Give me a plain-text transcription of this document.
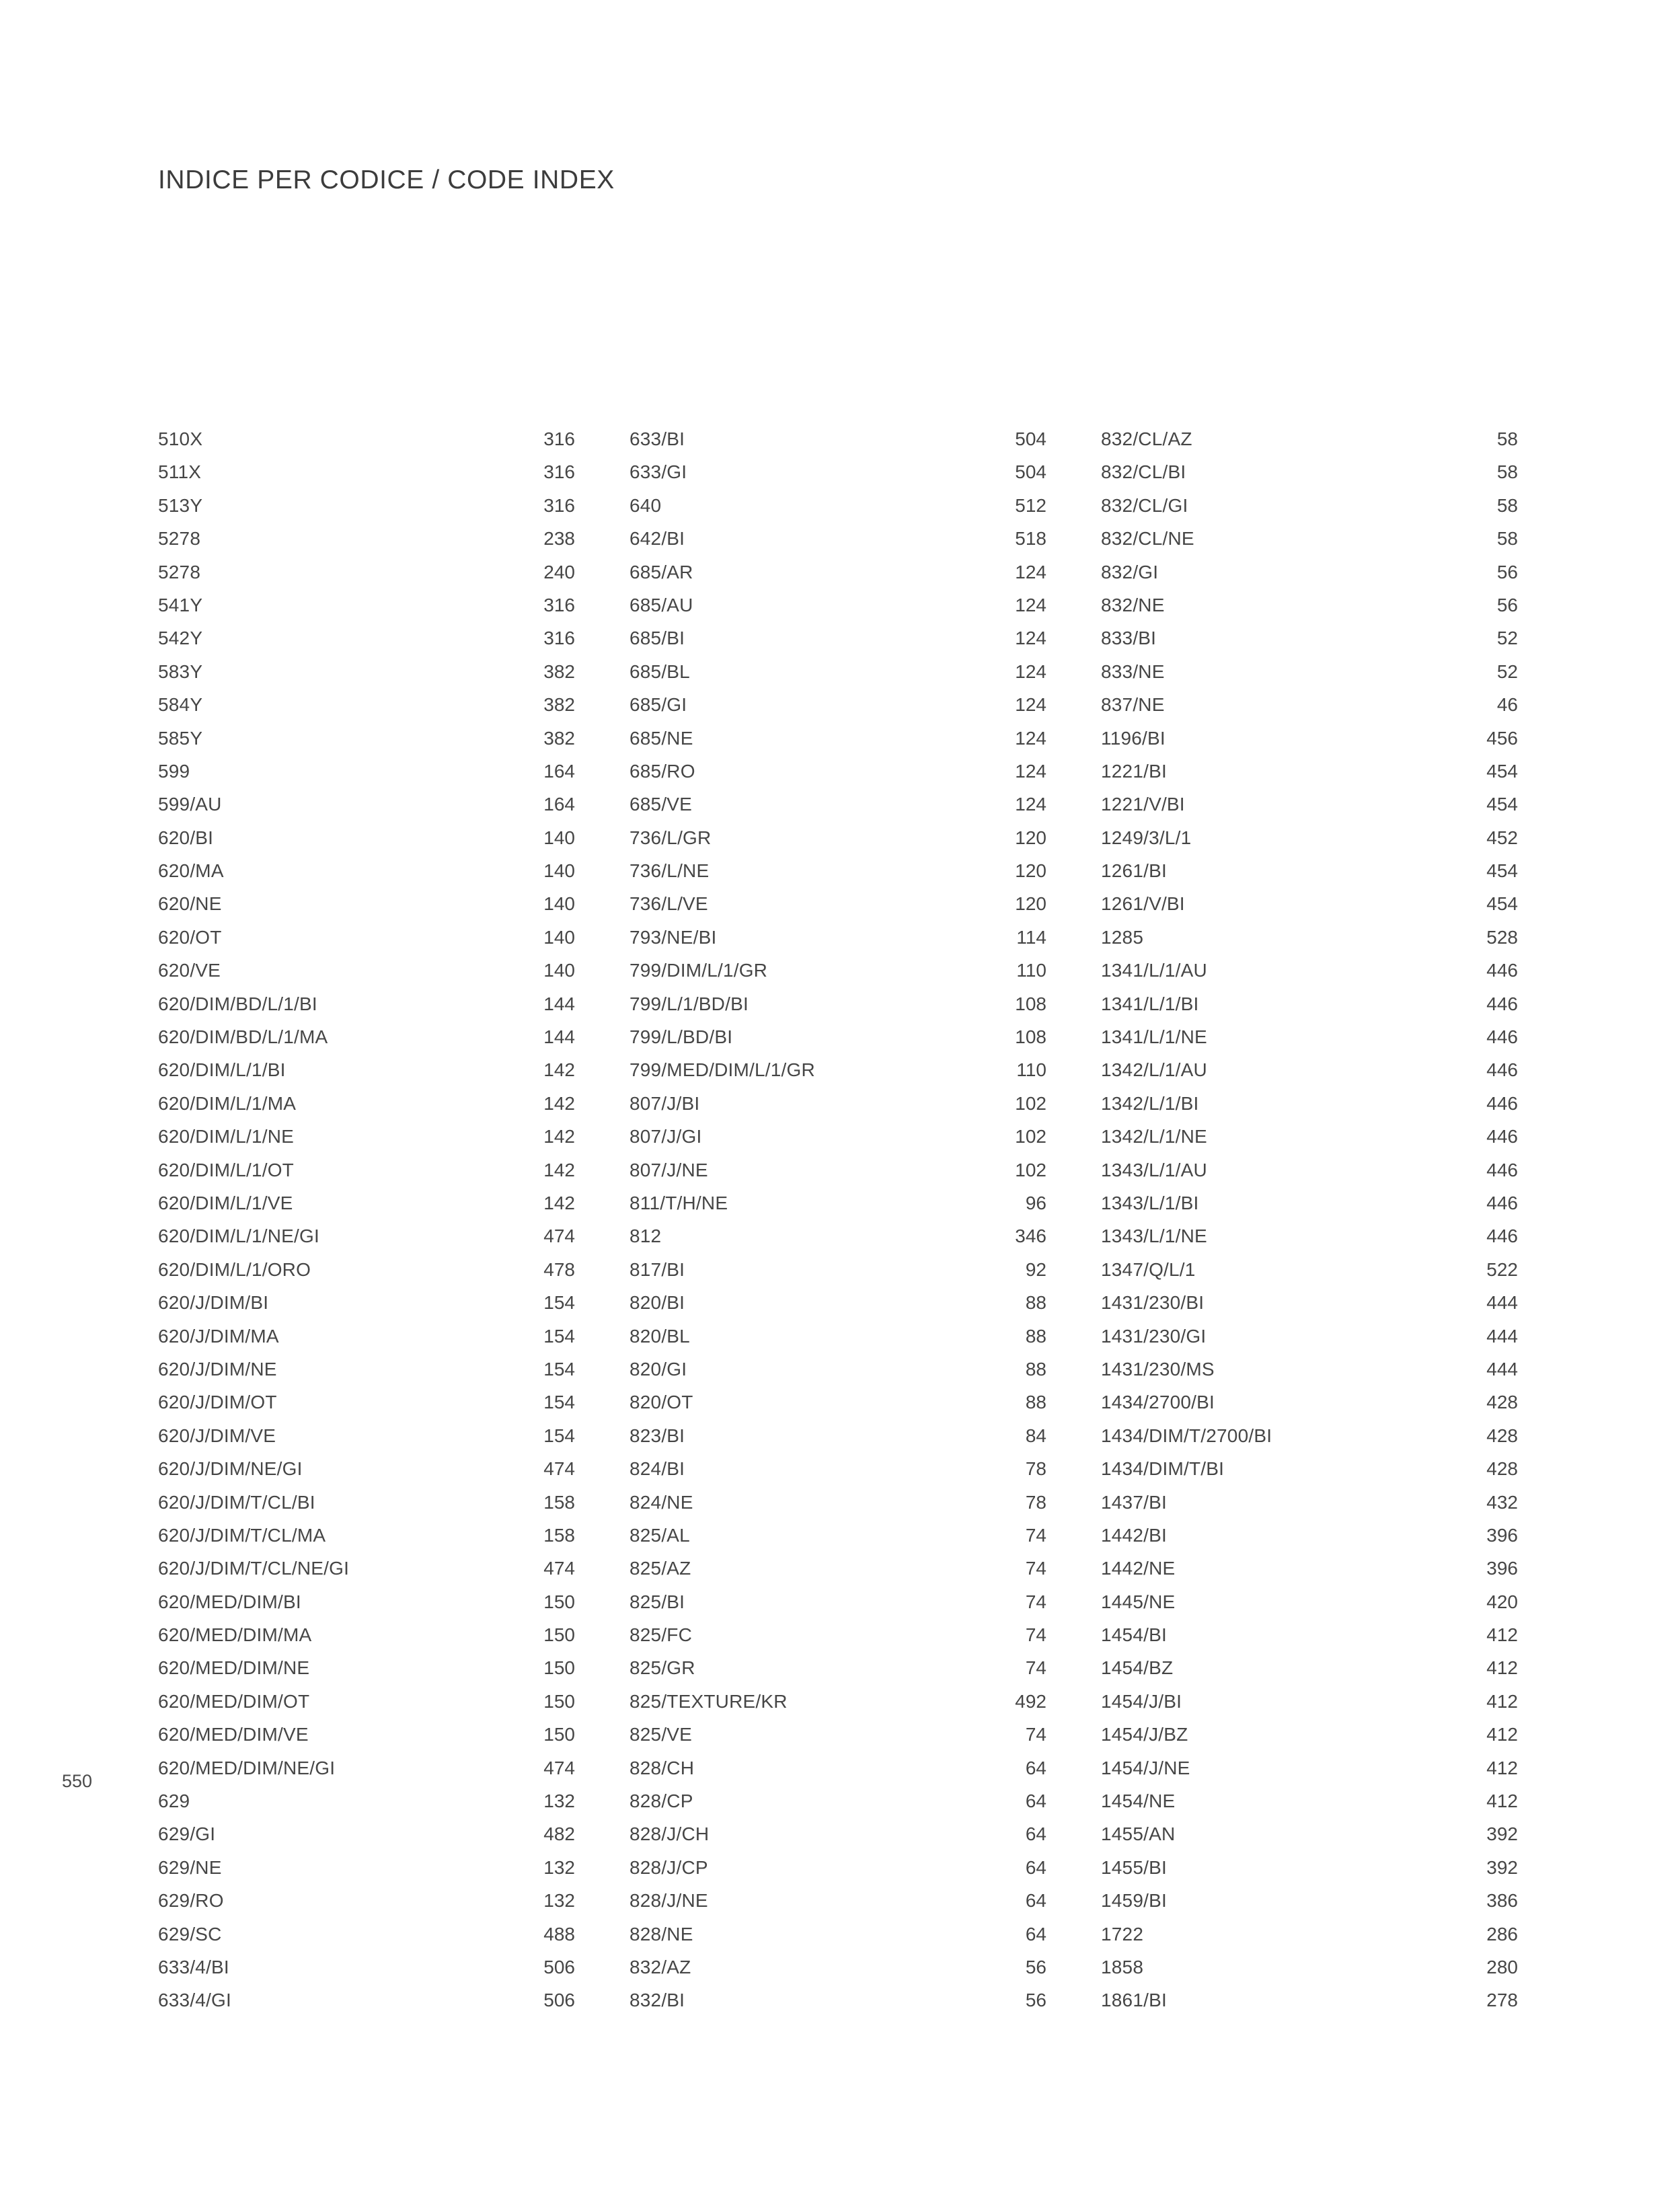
INDICE PER CODICE / CODE INDEX
550
510X	316
511X	316
513Y	316
5278	238
5278	240
541Y	316
542Y	316
583Y	382
584Y	382
585Y	382
599	164
599/AU	164
620/BI	140
620/MA	140
620/NE	140
620/OT	140
620/VE	140
620/DIM/BD/L/1/BI	144
620/DIM/BD/L/1/MA	144
620/DIM/L/1/BI	142
620/DIM/L/1/MA	142
620/DIM/L/1/NE	142
620/DIM/L/1/OT	142
620/DIM/L/1/VE	142
620/DIM/L/1/NE/GI	474
620/DIM/L/1/ORO	478
620/J/DIM/BI	154
620/J/DIM/MA	154
620/J/DIM/NE	154
620/J/DIM/OT	154
620/J/DIM/VE	154
620/J/DIM/NE/GI	474
620/J/DIM/T/CL/BI	158
620/J/DIM/T/CL/MA	158
620/J/DIM/T/CL/NE/GI	474
620/MED/DIM/BI	150
620/MED/DIM/MA	150
620/MED/DIM/NE	150
620/MED/DIM/OT	150
620/MED/DIM/VE	150
620/MED/DIM/NE/GI	474
629	132
629/GI	482
629/NE	132
629/RO	132
629/SC	488
633/4/BI	506
633/4/GI	506
633/BI	504
633/GI	504
640	512
642/BI	518
685/AR	124
685/AU	124
685/BI	124
685/BL	124
685/GI	124
685/NE	124
685/RO	124
685/VE	124
736/L/GR	120
736/L/NE	120
736/L/VE	120
793/NE/BI	114
799/DIM/L/1/GR	110
799/L/1/BD/BI	108
799/L/BD/BI	108
799/MED/DIM/L/1/GR	110
807/J/BI	102
807/J/GI	102
807/J/NE	102
811/T/H/NE	96
812	346
817/BI	92
820/BI	88
820/BL	88
820/GI	88
820/OT	88
823/BI	84
824/BI	78
824/NE	78
825/AL	74
825/AZ	74
825/BI	74
825/FC	74
825/GR	74
825/TEXTURE/KR	492
825/VE	74
828/CH	64
828/CP	64
828/J/CH	64
828/J/CP	64
828/J/NE	64
828/NE	64
832/AZ	56
832/BI	56
832/CL/AZ	58
832/CL/BI	58
832/CL/GI	58
832/CL/NE	58
832/GI	56
832/NE	56
833/BI	52
833/NE	52
837/NE	46
1196/BI	456
1221/BI	454
1221/V/BI	454
1249/3/L/1	452
1261/BI	454
1261/V/BI	454
1285	528
1341/L/1/AU	446
1341/L/1/BI	446
1341/L/1/NE	446
1342/L/1/AU	446
1342/L/1/BI	446
1342/L/1/NE	446
1343/L/1/AU	446
1343/L/1/BI	446
1343/L/1/NE	446
1347/Q/L/1	522
1431/230/BI	444
1431/230/GI	444
1431/230/MS	444
1434/2700/BI	428
1434/DIM/T/2700/BI	428
1434/DIM/T/BI	428
1437/BI	432
1442/BI	396
1442/NE	396
1445/NE	420
1454/BI	412
1454/BZ	412
1454/J/BI	412
1454/J/BZ	412
1454/J/NE	412
1454/NE	412
1455/AN	392
1455/BI	392
1459/BI	386
1722	286
1858	280
1861/BI	278
